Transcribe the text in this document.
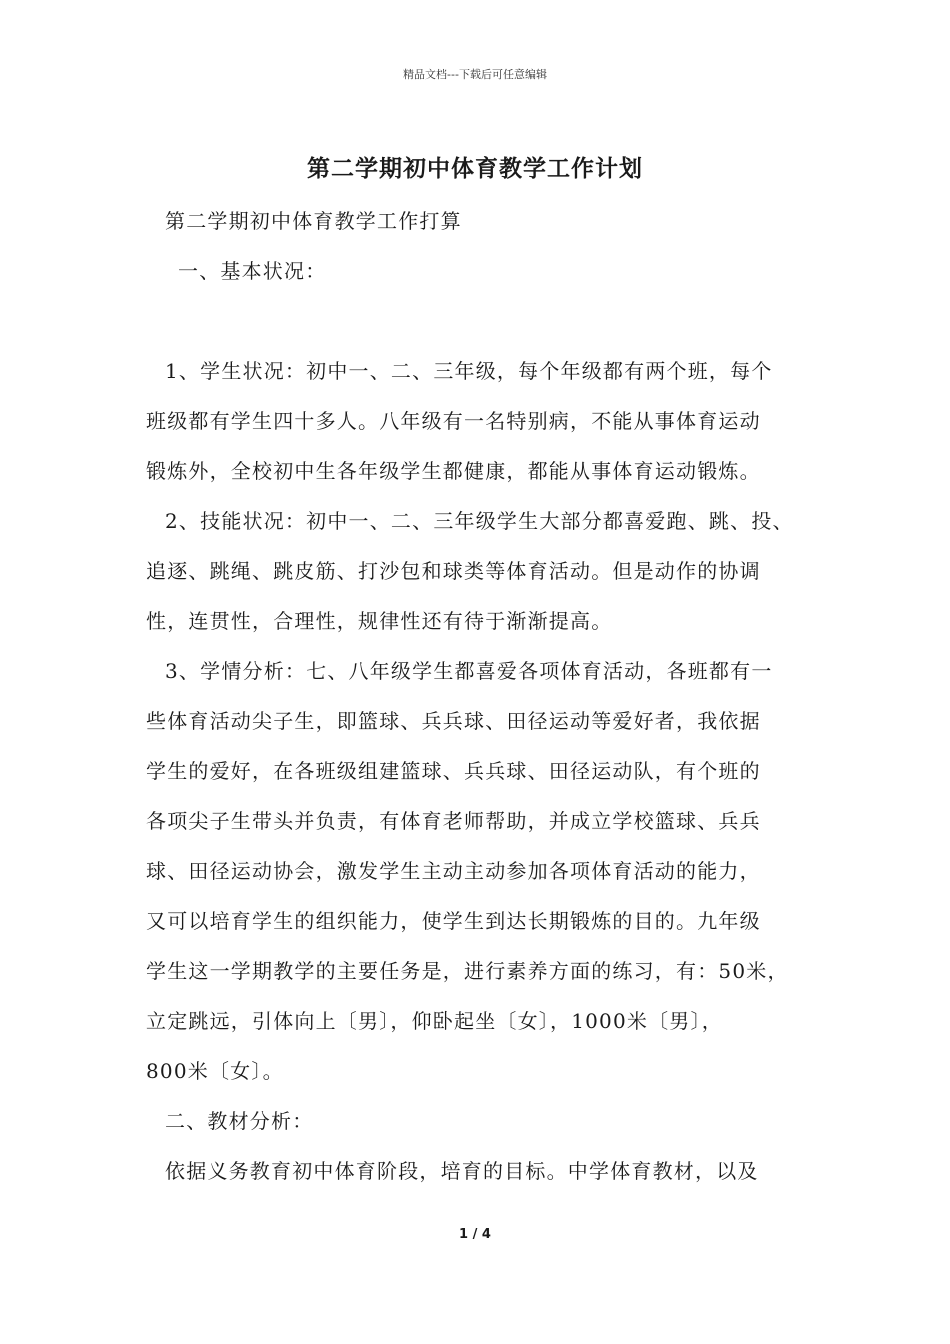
精品文档---下载后可任意编辑
第二学期初中体育教学工作计划
第二学期初中体育教学工作打算
一、基本状况：
1、学生状况：初中一、二、三年级，每个年级都有两个班，每个
班级都有学生四十多人。八年级有一名特别病，不能从事体育运动
锻炼外，全校初中生各年级学生都健康，都能从事体育运动锻炼。
2、技能状况：初中一、二、三年级学生大部分都喜爱跑、跳、投、
追逐、跳绳、跳皮筋、打沙包和球类等体育活动。但是动作的协调
性，连贯性，合理性，规律性还有待于渐渐提高。
3、学情分析：七、八年级学生都喜爱各项体育活动，各班都有一
些体育活动尖子生，即篮球、兵兵球、田径运动等爱好者，我依据
学生的爱好，在各班级组建篮球、兵兵球、田径运动队，有个班的
各项尖子生带头并负责，有体育老师帮助，并成立学校篮球、兵兵
球、田径运动协会，激发学生主动主动参加各项体育活动的能力，
又可以培育学生的组织能力，使学生到达长期锻炼的目的。九年级
学生这一学期教学的主要任务是，进行素养方面的练习，有：50米，
立定跳远，引体向上〔男〕，仰卧起坐〔女〕，1000米〔男〕，
800米〔女〕。
二、教材分析：
依据义务教育初中体育阶段，培育的目标。中学体育教材，以及
1 / 4
